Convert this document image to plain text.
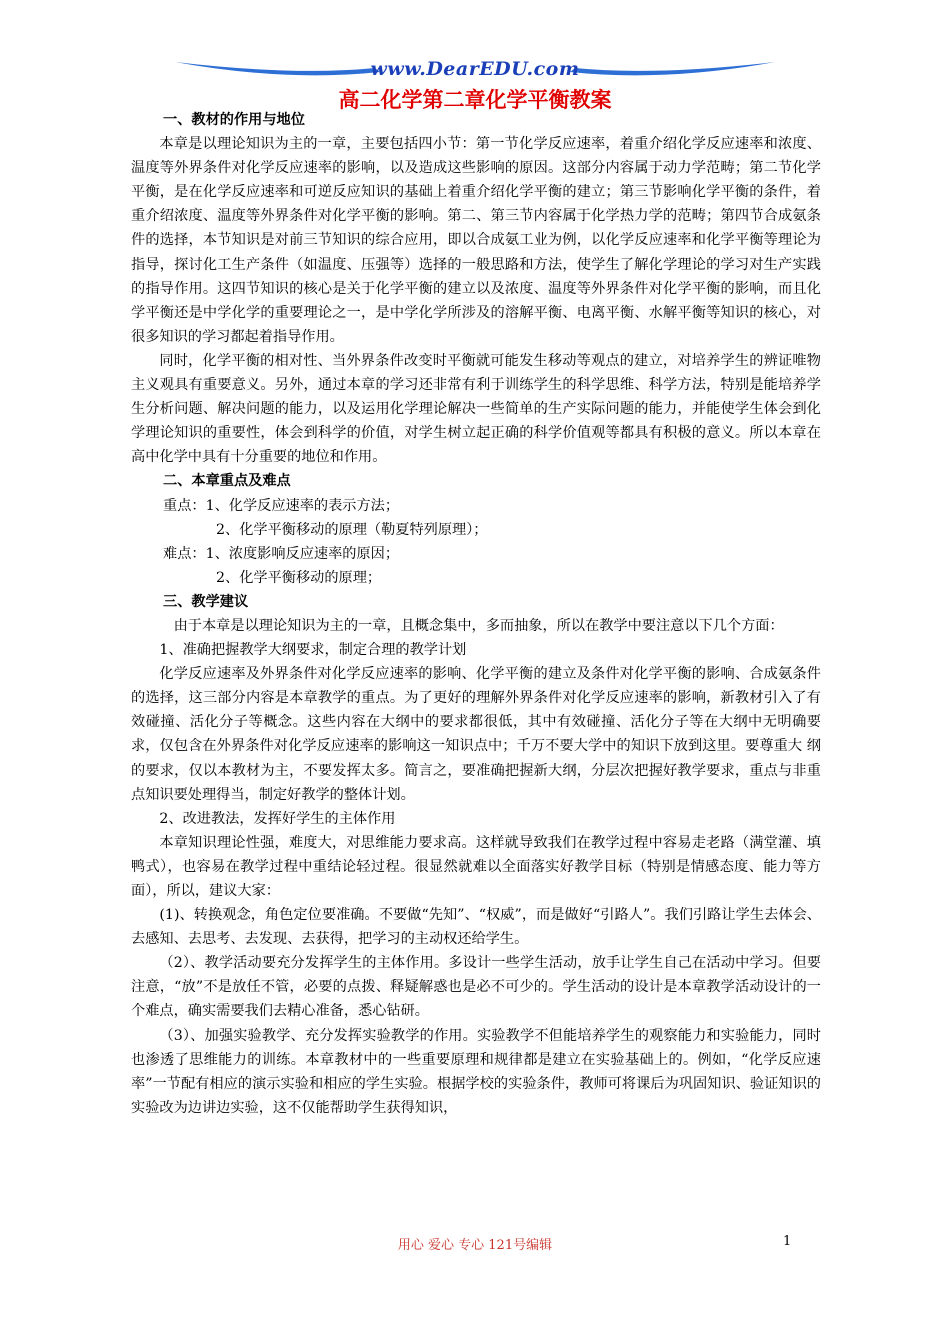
www.DearEDU.com
高二化学第二章化学平衡教案

一、教材的作用与地位

本章是以理论知识为主的一章，主要包括四小节：第一节化学反应速率，着重介绍化学反应速率和浓度、温度等外界条件对化学反应速率的影响，以及造成这些影响的原因。这部分内容属于动力学范畴；第二节化学平衡，是在化学反应速率和可逆反应知识的基础上着重介绍化学平衡的建立；第三节影响化学平衡的条件，着重介绍浓度、温度等外界条件对化学平衡的影响。第二、第三节内容属于化学热力学的范畴；第四节合成氨条件的选择，本节知识是对前三节知识的综合应用，即以合成氨工业为例，以化学反应速率和化学平衡等理论为指导，探讨化工生产条件（如温度、压强等）选择的一般思路和方法，使学生了解化学理论的学习对生产实践的指导作用。这四节知识的核心是关于化学平衡的建立以及浓度、温度等外界条件对化学平衡的影响，而且化学平衡还是中学化学的重要理论之一，是中学化学所涉及的溶解平衡、电离平衡、水解平衡等知识的核心，对很多知识的学习都起着指导作用。

同时，化学平衡的相对性、当外界条件改变时平衡就可能发生移动等观点的建立，对培养学生的辨证唯物主义观具有重要意义。另外，通过本章的学习还非常有利于训练学生的科学思维、科学方法，特别是能培养学生分析问题、解决问题的能力，以及运用化学理论解决一些简单的生产实际问题的能力，并能使学生体会到化学理论知识的重要性，体会到科学的价值，对学生树立起正确的科学价值观等都具有积极的意义。所以本章在高中化学中具有十分重要的地位和作用。

二、本章重点及难点

重点：1、化学反应速率的表示方法；

2、化学平衡移动的原理（勒夏特列原理）；

难点：1、浓度影响反应速率的原因；

2、化学平衡移动的原理；

三、教学建议

由于本章是以理论知识为主的一章，且概念集中，多而抽象，所以在教学中要注意以下几个方面：

1、准确把握教学大纲要求，制定合理的教学计划

化学反应速率及外界条件对化学反应速率的影响、化学平衡的建立及条件对化学平衡的影响、合成氨条件的选择，这三部分内容是本章教学的重点。为了更好的理解外界条件对化学反应速率的影响，新教材引入了有效碰撞、活化分子等概念。这些内容在大纲中的要求都很低，其中有效碰撞、活化分子等在大纲中无明确要求，仅包含在外界条件对化学反应速率的影响这一知识点中；千万不要大学中的知识下放到这里。要尊重大 纲的要求，仅以本教材为主，不要发挥太多。简言之，要准确把握新大纲，分层次把握好教学要求，重点与非重点知识要处理得当，制定好教学的整体计划。

2、改进教法，发挥好学生的主体作用

本章知识理论性强，难度大，对思维能力要求高。这样就导致我们在教学过程中容易走老路（满堂灌、填鸭式），也容易在教学过程中重结论轻过程。很显然就难以全面落实好教学目标（特别是情感态度、能力等方面），所以，建议大家：

(1)、转换观念，角色定位要准确。不要做“先知”、“权威”，而是做好“引路人”。我们引路让学生去体会、去感知、去思考、去发现、去获得，把学习的主动权还给学生。

（2）、教学活动要充分发挥学生的主体作用。多设计一些学生活动，放手让学生自己在活动中学习。但要注意，“放”不是放任不管，必要的点拨、释疑解惑也是必不可少的。学生活动的设计是本章教学活动设计的一个难点，确实需要我们去精心准备，悉心钻研。

（3）、加强实验教学、充分发挥实验教学的作用。实验教学不但能培养学生的观察能力和实验能力，同时也渗透了思维能力的训练。本章教材中的一些重要原理和规律都是建立在实验基础上的。例如，“化学反应速率”一节配有相应的演示实验和相应的学生实验。根据学校的实验条件，教师可将课后为巩固知识、验证知识的实验改为边讲边实验，这不仅能帮助学生获得知识，

用心 爱心 专心 121号编辑	1
